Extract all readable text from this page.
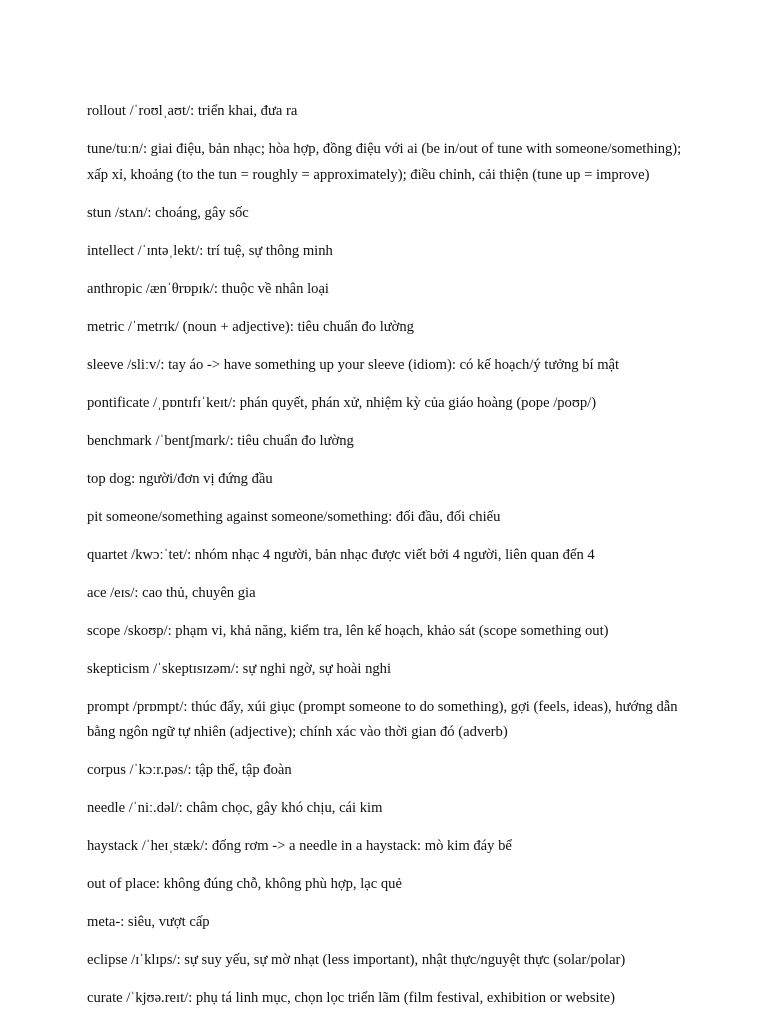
rollout /ˈroʊlˌaʊt/: triển khai, đưa ra

tune/tuːn/: giai điệu, bản nhạc; hòa hợp, đồng điệu với ai (be in/out of tune with someone/something); xấp xỉ, khoảng (to the tun = roughly = approximately); điều chỉnh, cải thiện (tune up = improve)

stun /stʌn/: choáng, gây sốc

intellect /ˈɪntəˌlekt/: trí tuệ, sự thông minh

anthropic /ænˈθrɒpɪk/: thuộc về nhân loại

metric /ˈmetrɪk/ (noun + adjective): tiêu chuẩn đo lường

sleeve /sliːv/: tay áo -> have something up your sleeve (idiom): có kế hoạch/ý tưởng bí mật

pontificate /ˌpɒntɪfɪˈkeɪt/: phán quyết, phán xử, nhiệm kỳ của giáo hoàng (pope /poʊp/)

benchmark /ˈbentʃmɑrk/: tiêu chuẩn đo lường

top dog: người/đơn vị đứng đầu

pit someone/something against someone/something: đối đầu, đối chiếu

quartet /kwɔːˈtet/: nhóm nhạc 4 người, bản nhạc được viết bởi 4 người, liên quan đến 4

ace /eɪs/: cao thủ, chuyên gia

scope /skoʊp/: phạm vi, khả năng, kiểm tra, lên kế hoạch, khảo sát (scope something out)

skepticism /ˈskeptɪsɪzəm/: sự nghi ngờ, sự hoài nghi

prompt /prɒmpt/: thúc đẩy, xúi giục (prompt someone to do something), gợi (feels, ideas), hướng dẫn bằng ngôn ngữ tự nhiên (adjective); chính xác vào thời gian đó (adverb)

corpus /ˈkɔːr.pəs/: tập thể, tập đoàn

needle /ˈniː.dəl/: châm chọc, gây khó chịu, cái kim

haystack /ˈheɪˌstæk/: đống rơm -> a needle in a haystack: mò kim đáy bể

out of place: không đúng chỗ, không phù hợp, lạc quẻ

meta-: siêu, vượt cấp

eclipse /ɪˈklɪps/: sự suy yếu, sự mờ nhạt (less important), nhật thực/nguyệt thực (solar/polar)

curate /ˈkjʊə.reɪt/: phụ tá linh mục, chọn lọc triển lãm (film festival, exhibition or website)
